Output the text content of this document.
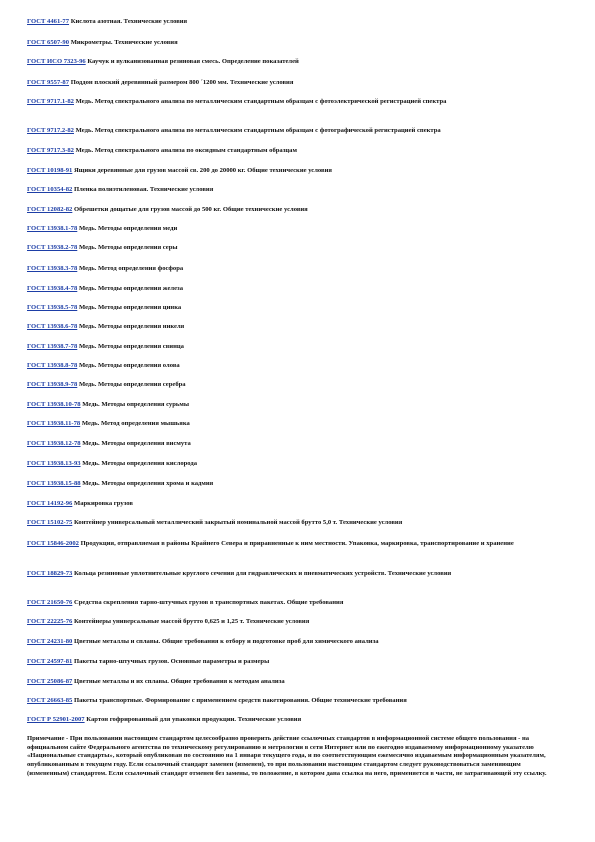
ГОСТ 4461-77 Кислота азотная. Технические условия
ГОСТ 6507-90 Микрометры. Технические условия
ГОСТ ИСО 7323-96 Каучук и вулканизованная резиновая смесь. Определение показателей
ГОСТ 9557-87 Поддон плоский деревянный размером 800 ´1200 мм. Технические условия
ГОСТ 9717.1-82 Медь. Метод спектрального анализа по металлическим стандартным образцам с фотоэлектрической регистрацией спектра
ГОСТ 9717.2-82 Медь. Метод спектрального анализа по металлическим стандартным образцам с фотографической регистрацией спектра
ГОСТ 9717.3-82 Медь. Метод спектрального анализа по оксидным стандартным образцам
ГОСТ 10198-91 Ящики деревянные для грузов массой св. 200 до 20000 кг. Общие технические условия
ГОСТ 10354-82 Пленка полиэтиленовая. Технические условия
ГОСТ 12082-82 Обрешетки дощатые для грузов массой до 500 кг. Общие технические условия
ГОСТ 13938.1-78 Медь. Методы определения меди
ГОСТ 13938.2-78 Медь. Методы определения серы
ГОСТ 13938.3-78 Медь. Метод определения фосфора
ГОСТ 13938.4-78 Медь. Методы определения железа
ГОСТ 13938.5-78 Медь. Методы определения цинка
ГОСТ 13938.6-78 Медь. Методы определения никеля
ГОСТ 13938.7-78 Медь. Методы определения свинца
ГОСТ 13938.8-78 Медь. Методы определения олова
ГОСТ 13938.9-78 Медь. Методы определения серебра
ГОСТ 13938.10-78 Медь. Методы определения сурьмы
ГОСТ 13938.11-78 Медь. Метод определения мышьяка
ГОСТ 13938.12-78 Медь. Методы определения висмута
ГОСТ 13938.13-93 Медь. Методы определения кислорода
ГОСТ 13938.15-88 Медь. Методы определения хрома и кадмия
ГОСТ 14192-96 Маркировка грузов
ГОСТ 15102-75 Контейнер универсальный металлический закрытый номинальной массой брутто 5,0 т. Технические условия
ГОСТ 15846-2002 Продукция, отправляемая в районы Крайнего Севера и приравненные к ним местности. Упаковка, маркировка, транспортирование и хранение
ГОСТ 18829-73 Кольца резиновые уплотнительные круглого сечения для гидравлических и пневматических устройств. Технические условия
ГОСТ 21650-76 Средства скрепления тарно-штучных грузов в транспортных пакетах. Общие требования
ГОСТ 22225-76 Контейнеры универсальные массой брутто 0,625 и 1,25 т. Технические условия
ГОСТ 24231-80 Цветные металлы и сплавы. Общие требования к отбору и подготовке проб для химического анализа
ГОСТ 24597-81 Пакеты тарно-штучных грузов. Основные параметры и размеры
ГОСТ 25086-87 Цветные металлы и их сплавы. Общие требования к методам анализа
ГОСТ 26663-85 Пакеты транспортные. Формирование с применением средств пакетирования. Общие технические требования
ГОСТ Р 52901-2007 Картон гофрированный для упаковки продукции. Технические условия
Примечание - При пользовании настоящим стандартом целесообразно проверить действие ссылочных стандартов в информационной системе общего пользования - на официальном сайте Федерального агентства по техническому регулированию и метрологии в сети Интернет или по ежегодно издаваемому информационному указателю «Национальные стандарты», который опубликован по состоянию на 1 января текущего года, и по соответствующим ежемесячно издаваемым информационным указателям, опубликованным в текущем году. Если ссылочный стандарт заменен (изменен), то при пользовании настоящим стандартом следует руководствоваться заменяющим (измененным) стандартом. Если ссылочный стандарт отменен без замены, то положение, в котором дана ссылка на него, применяется в части, не затрагивающей эту ссылку.
